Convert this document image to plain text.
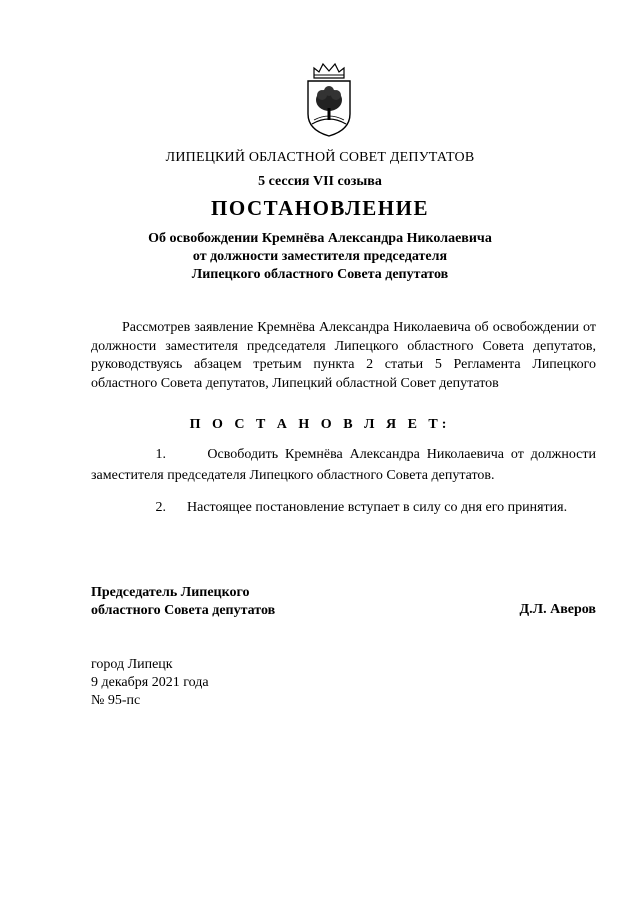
ЛИПЕЦКИЙ ОБЛАСТНОЙ СОВЕТ ДЕПУТАТОВ
5 сессия VII созыва
ПОСТАНОВЛЕНИЕ
Об освобождении Кремнёва Александра Николаевича
от должности заместителя председателя
Липецкого областного Совета депутатов
Рассмотрев заявление Кремнёва Александра Николаевича об освобождении от должности заместителя председателя Липецкого областного Совета депутатов, руководствуясь абзацем третьим пункта 2 статьи 5 Регламента Липецкого областного Совета депутатов, Липецкий областной Совет депутатов
П О С Т А Н О В Л Я Е Т:
1.	Освободить Кремнёва Александра Николаевича от должности заместителя председателя Липецкого областного Совета депутатов.
2. Настоящее постановление вступает в силу со дня его принятия.
Председатель Липецкого
областного Совета депутатов	Д.Л. Аверов
город Липецк
9 декабря 2021 года
№ 95-пс
